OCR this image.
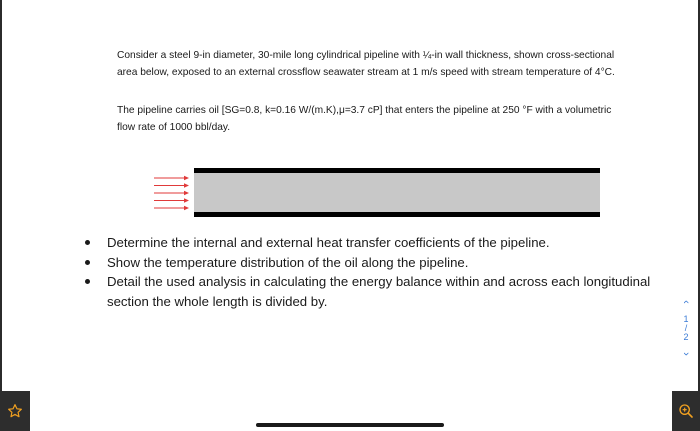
Consider a steel 9-in diameter, 30-mile long cylindrical pipeline with ¼-in wall thickness, shown cross-sectional area below, exposed to an external crossflow seawater stream at 1 m/s speed with stream temperature of 4°C.

The pipeline carries oil [SG=0.8, k=0.16 W/(m.K),μ=3.7 cP] that enters the pipeline at 250 °F with a volumetric flow rate of 1000 bbl/day.

Determine the internal and external heat transfer coefficients of the pipeline.
Show the temperature distribution of the oil along the pipeline.
Detail the used analysis in calculating the energy balance within and across each longitudinal section the whole length is divided by.	‹
1
/
2
›
